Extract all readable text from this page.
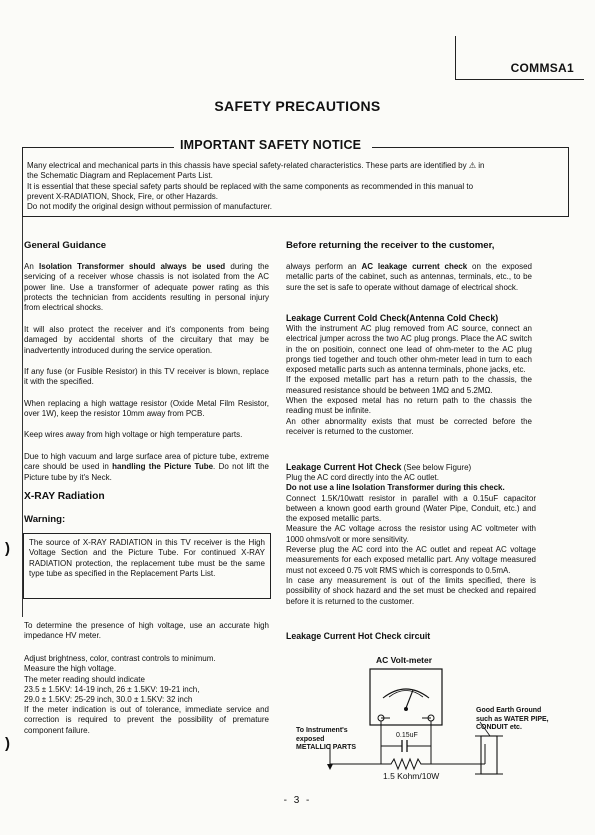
COMMSA1
SAFETY PRECAUTIONS
IMPORTANT SAFETY NOTICE

Many electrical and mechanical parts in this chassis have special safety-related characteristics. These parts are identified by ⚠ in

the Schematic Diagram and Replacement Parts List.

It is essential that these special safety parts should be replaced with the same components as recommended in this manual to

prevent X-RADIATION, Shock, Fire, or other Hazards.

Do not modify the original design without permission of manufacturer.

General Guidance

An Isolation Transformer should always be used during the servicing of a receiver whose chassis is not isolated from the AC power line. Use a transformer of adequate power rating as this protects the technician from accidents resulting in personal injury from electrical shocks.

It will also protect the receiver and it's components from being damaged by accidental shorts of the circuitary that may be inadvertently introduced during the service operation.
If any fuse (or Fusible Resistor) in this TV receiver is blown, replace it with the specified.
When replacing a high wattage resistor (Oxide Metal Film Resistor, over 1W), keep the resistor 10mm away from PCB.
Keep wires away from high voltage or high temperature parts.
Due to high vacuum and large surface area of picture tube, extreme care should be used in handling the Picture Tube. Do not lift the Picture tube by it's Neck.
X-RAY Radiation
Warning:
The source of X-RAY RADIATION in this TV receiver is the High Voltage Section and the Picture Tube. For continued X-RAY RADIATION protection, the replacement tube must be the same type tube as specified in the Replacement Parts List.
)
)
To determine the presence of high voltage, use an accurate high impedance HV meter.

Adjust brightness, color, contrast controls to minimum.

Measure the high voltage.

The meter reading should indicate

23.5 ± 1.5KV: 14-19 inch, 26 ± 1.5KV: 19-21 inch,

29.0 ± 1.5KV: 25-29 inch, 30.0 ± 1.5KV: 32 inch

If the meter indication is out of tolerance, immediate service and correction is required to prevent the possibility of premature component failure.
Before returning the receiver to the customer,
always perform an AC leakage current check on the exposed metallic parts of the cabinet, such as antennas, terminals, etc., to be sure the set is safe to operate without damage of electrical shock.
Leakage Current Cold Check(Antenna Cold Check)

With the instrument AC plug removed from AC source, connect an electrical jumper across the two AC plug prongs. Place the AC switch in the on positioin, connect one lead of ohm-meter to the AC plug prongs tied together and touch other ohm-meter lead in turn to each exposed metallic parts such as antenna terminals, phone jacks, etc.

If the exposed metallic part has a return path to the chassis, the measured resistance should be between 1MΩ and 5.2MΩ.

When the exposed metal has no return path to the chassis the reading must be infinite.

An other abnormality exists that must be corrected before the receiver is returned to the customer.

Leakage Current Hot Check (See below Figure)

Plug the AC cord directly into the AC outlet.

Do not use a line Isolation Transformer during this check.

Connect 1.5K/10watt resistor in parallel with a 0.15uF capacitor between a known good earth ground (Water Pipe, Conduit, etc.) and the exposed metallic parts.

Measure the AC voltage across the resistor using AC voltmeter with 1000 ohms/volt or more sensitivity.

Reverse plug the AC cord into the AC outlet and repeat AC voltage measurements for each exposed metallic part. Any voltage measured must not exceed 0.75 volt RMS which is corresponds to 0.5mA.

In case any measurement is out of the limits specified, there is possibility of shock hazard and the set must be checked and repaired before it is returned to the customer.

Leakage Current Hot Check circuit
AC Volt-meter
To Instrument's
exposed
METALLIC PARTS
0.15uF
1.5 Kohm/10W
Good Earth Ground
such as WATER PIPE,
CONDUIT etc.
- 3 -
